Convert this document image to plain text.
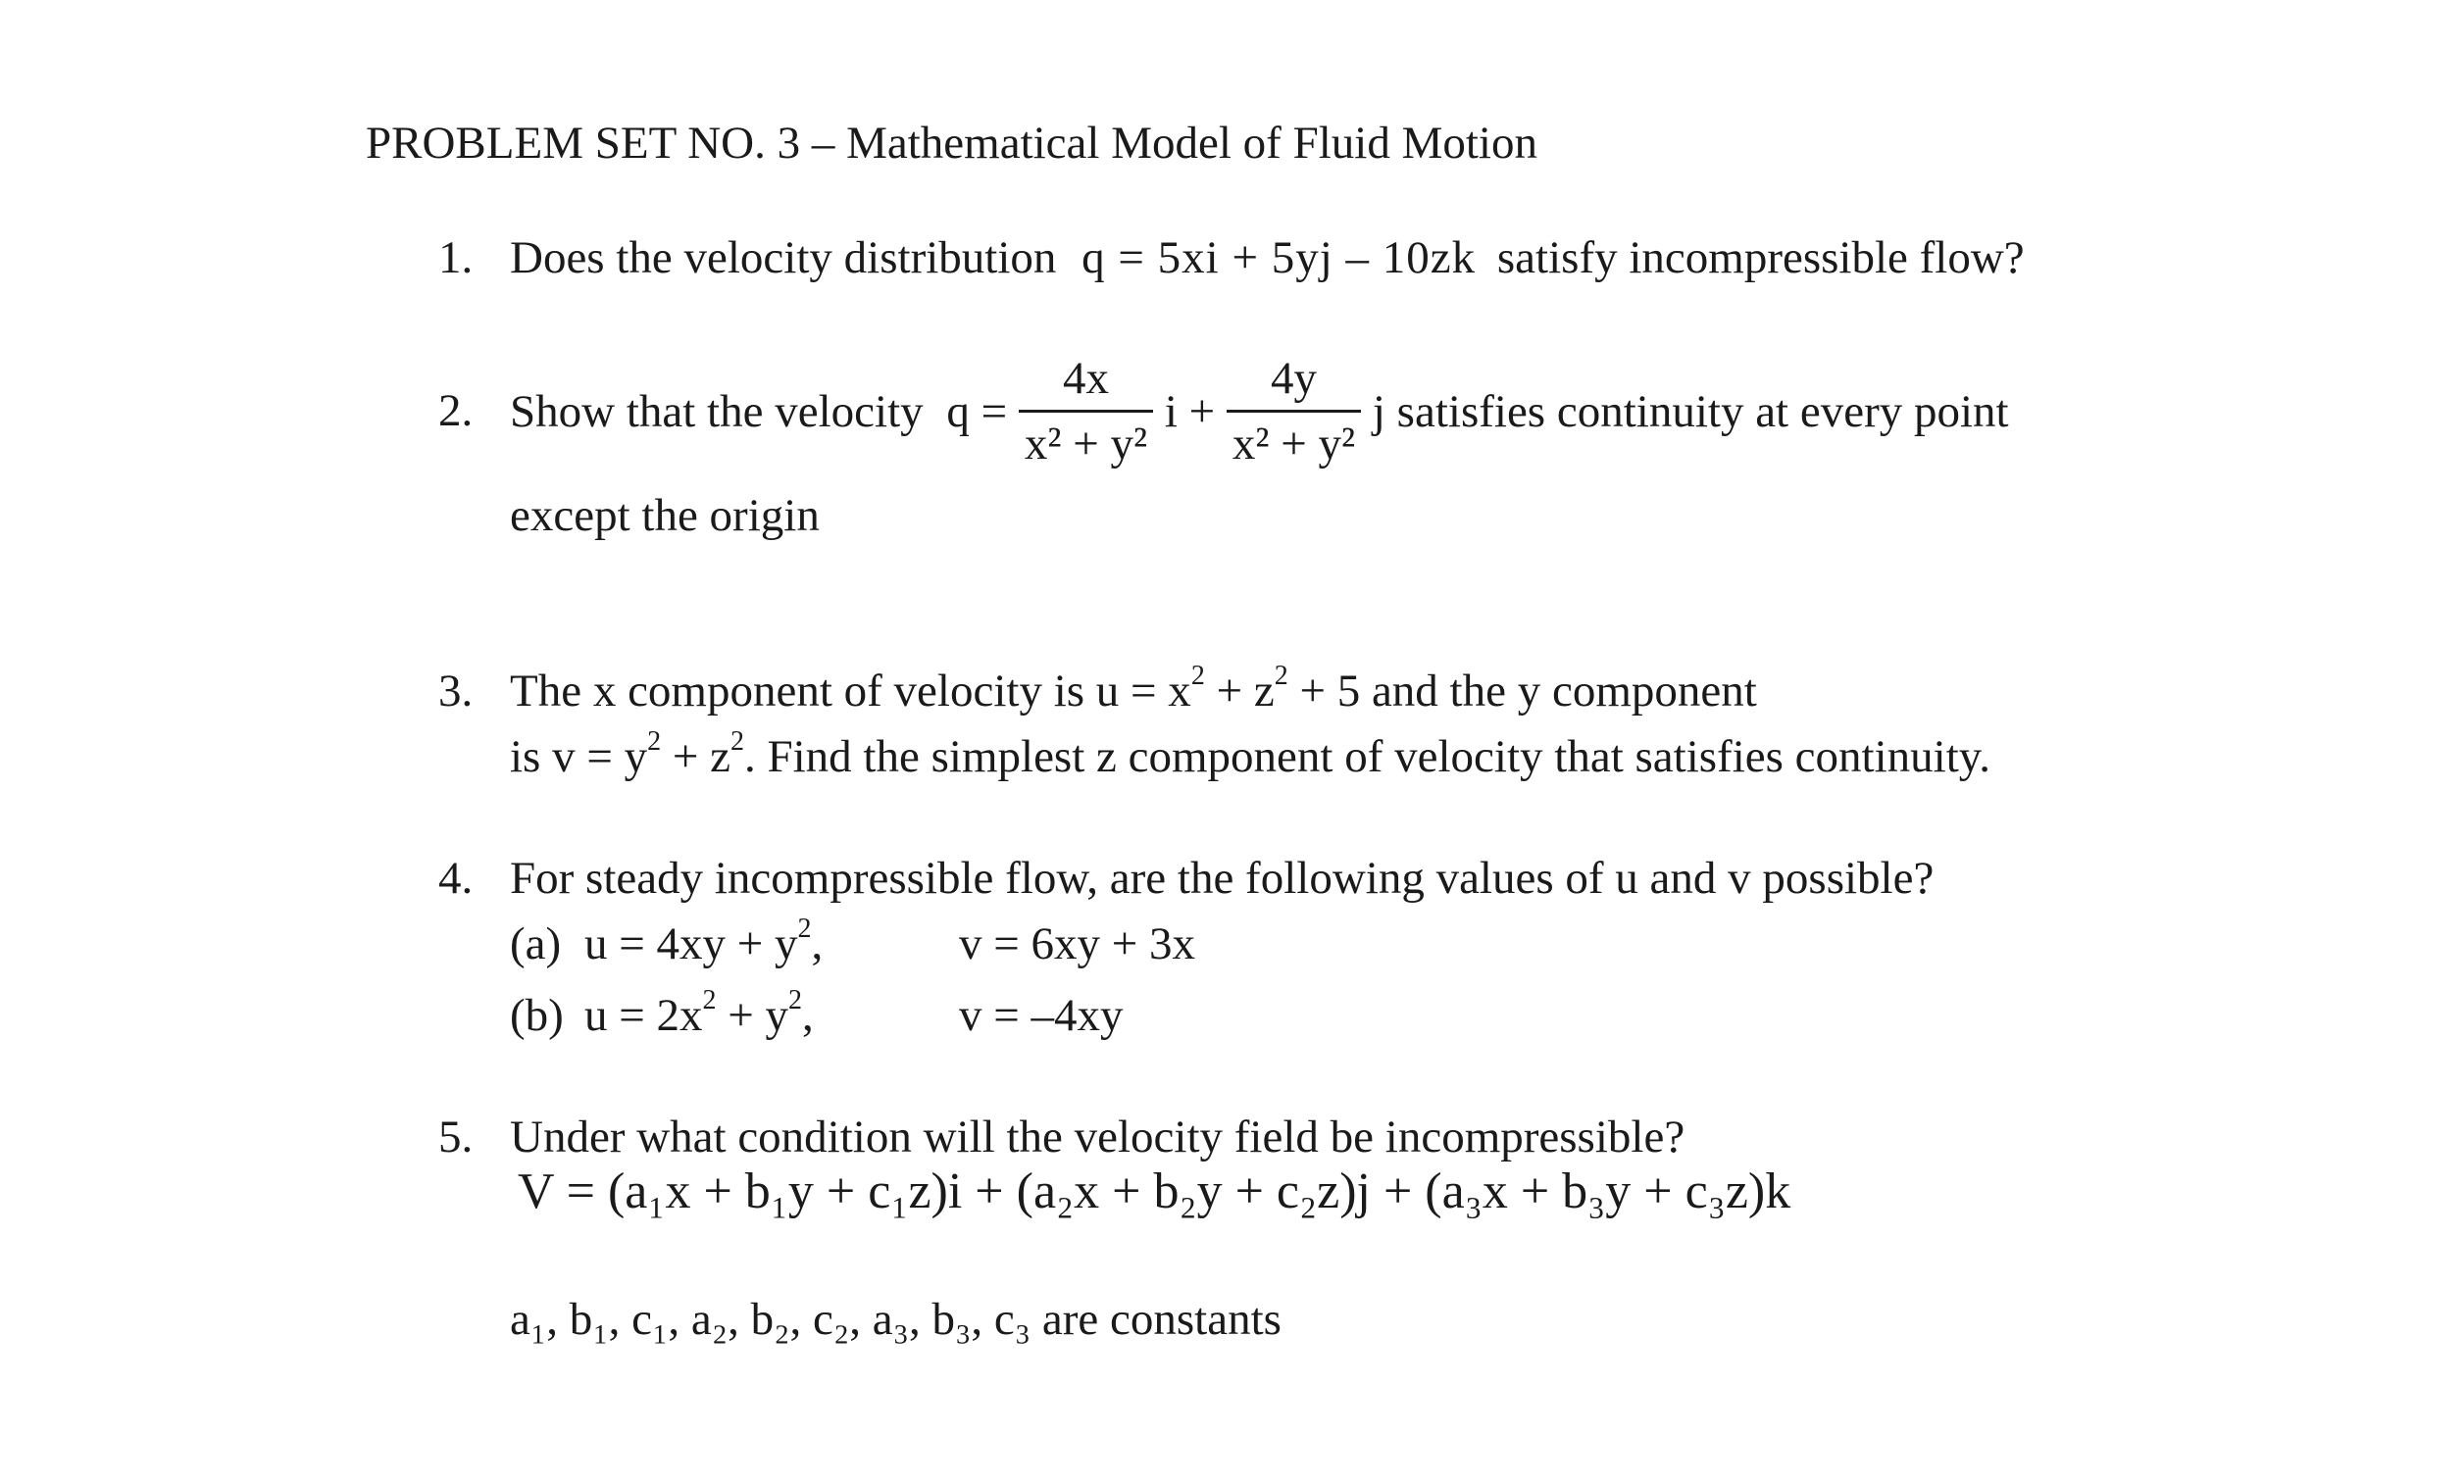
PROBLEM SET NO. 3 – Mathematical Model of Fluid Motion
1. Does the velocity distribution q = 5xi + 5yj – 10zk satisfy incompressible flow?
2. Show that the velocity $q = \frac{4x}{\text{x² + y²}}$ $i + \frac{4y}{\text{x² + y²}}$ j satisfies continuity at every point
except the origin
3. The x component of velocity is $u = x^2 + z^2 + 5$ and the y component
is $v = y^2 + z^2$. Find the simplest z component of velocity that satisfies continuity.
4. For steady incompressible flow, are the following values of u and v possible?
(a) $u = 4xy + y^2$,	v = 6xy + 3x
(b) $u = 2x^2 + y^2$,	v = –4xy
5. Under what condition will the velocity field be incompressible?
V = (a₁x + b₁y + c₁z)i + (a₂x + b₂y + c₂z)j + (a₃x + b₃y + c₃z)k
a₁, b₁, c₁, a₂, b₂, c₂, a₃, b₃, c₃ are constants
